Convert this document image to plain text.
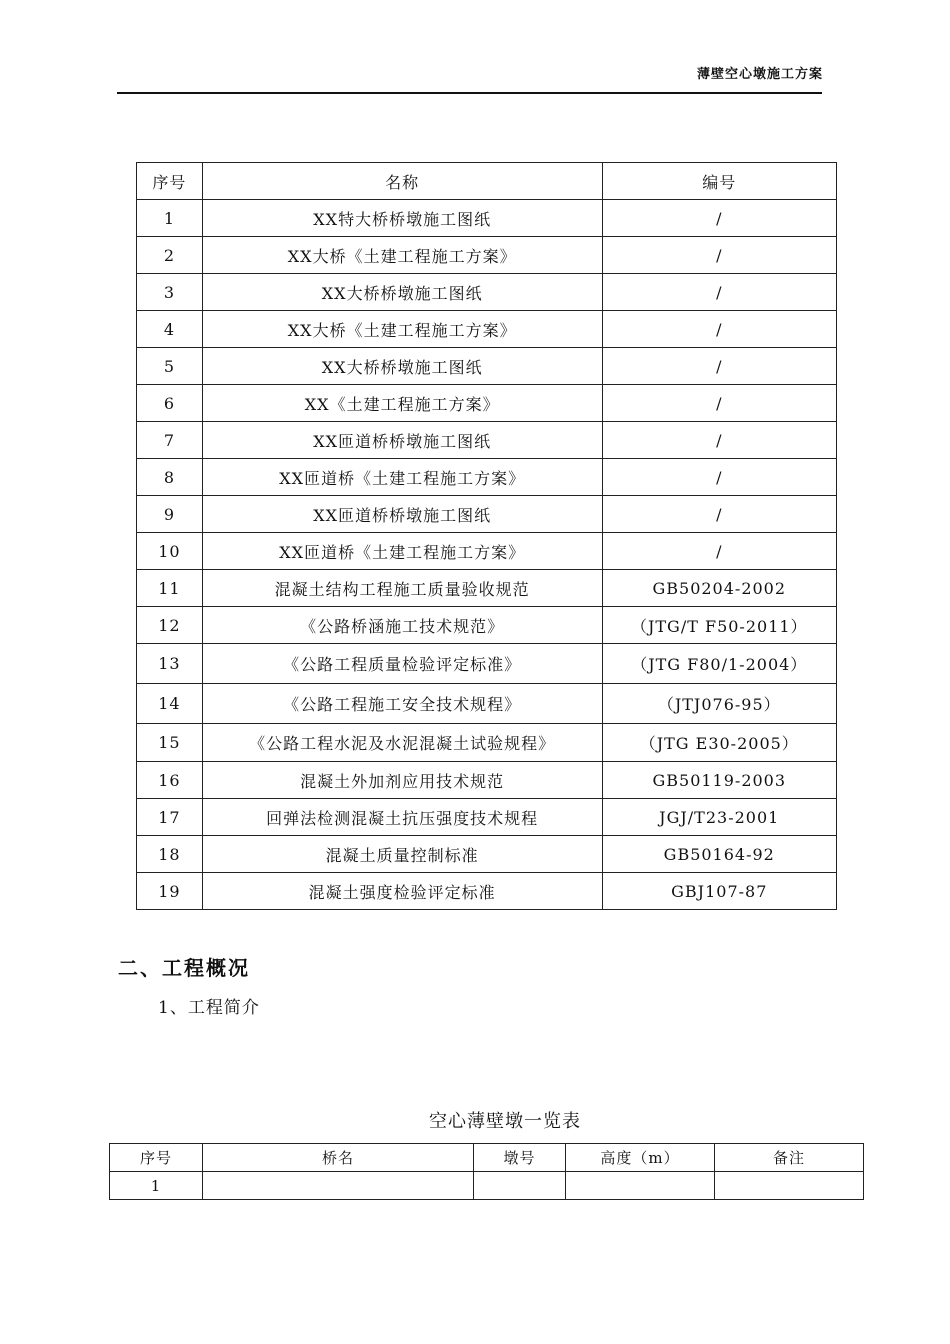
薄壁空心墩施工方案
序号	名称	编号
1	XX特大桥桥墩施工图纸	/
2	XX大桥《土建工程施工方案》	/
3	XX大桥桥墩施工图纸	/
4	XX大桥《土建工程施工方案》	/
5	XX大桥桥墩施工图纸	/
6	XX《土建工程施工方案》	/
7	XX匝道桥桥墩施工图纸	/
8	XX匝道桥《土建工程施工方案》	/
9	XX匝道桥桥墩施工图纸	/
10	XX匝道桥《土建工程施工方案》	/
11	混凝土结构工程施工质量验收规范	GB50204-2002
12	《公路桥涵施工技术规范》	（JTG/T F50-2011）
13	《公路工程质量检验评定标准》	（JTG F80/1-2004）
14	《公路工程施工安全技术规程》	（JTJ076-95）
15	《公路工程水泥及水泥混凝土试验规程》	（JTG E30-2005）
16	混凝土外加剂应用技术规范	GB50119-2003
17	回弹法检测混凝土抗压强度技术规程	JGJ/T23-2001
18	混凝土质量控制标准	GB50164-92
19	混凝土强度检验评定标准	GBJ107-87
二、工程概况
1、工程简介
空心薄壁墩一览表
序号	桥名	墩号	高度（m）	备注
1				
